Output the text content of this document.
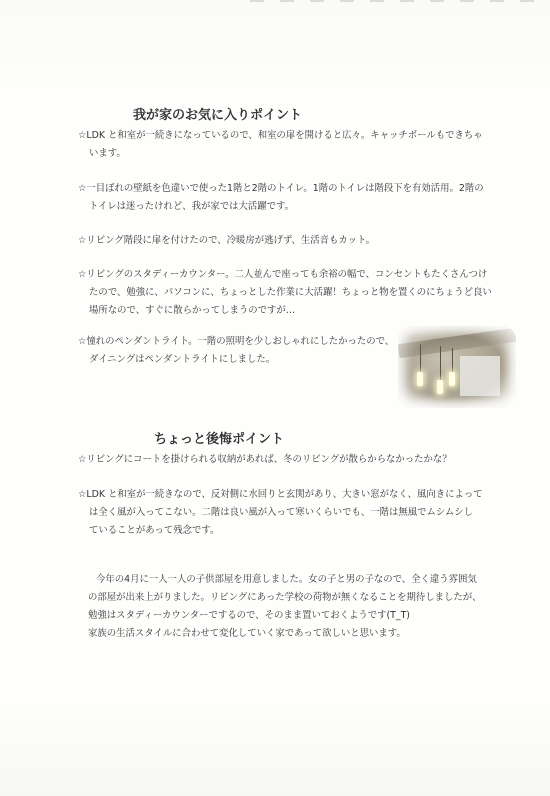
我が家のお気に入りポイント
☆LDK と和室が一続きになっているので、和室の扉を開けると広々。キャッチボールもできちゃ
います。
☆一目ぼれの壁紙を色違いで使った1階と2階のトイレ。1階のトイレは階段下を有効活用。2階の
トイレは迷ったけれど、我が家では大活躍です。
☆リビング階段に扉を付けたので、冷暖房が逃げず、生活音もカット。
☆リビングのスタディーカウンター。二人並んで座っても余裕の幅で、コンセントもたくさんつけ
たので、勉強に、パソコンに、ちょっとした作業に大活躍！ちょっと物を置くのにちょうど良い
場所なので、すぐに散らかってしまうのですが…
☆憧れのペンダントライト。一階の照明を少しおしゃれにしたかったので、
ダイニングはペンダントライトにしました。
ちょっと後悔ポイント
☆リビングにコートを掛けられる収納があれば、冬のリビングが散らからなかったかな？
☆LDK と和室が一続きなので、反対側に水回りと玄関があり、大きい窓がなく、風向きによって
は全く風が入ってこない。二階は良い風が入って寒いくらいでも、一階は無風でムシムシし
ていることがあって残念です。
今年の4月に一人一人の子供部屋を用意しました。女の子と男の子なので、全く違う雰囲気
の部屋が出来上がりました。リビングにあった学校の荷物が無くなることを期待しましたが、
勉強はスタディーカウンターでするので、そのまま置いておくようです(T_T)
家族の生活スタイルに合わせて変化していく家であって欲しいと思います。
